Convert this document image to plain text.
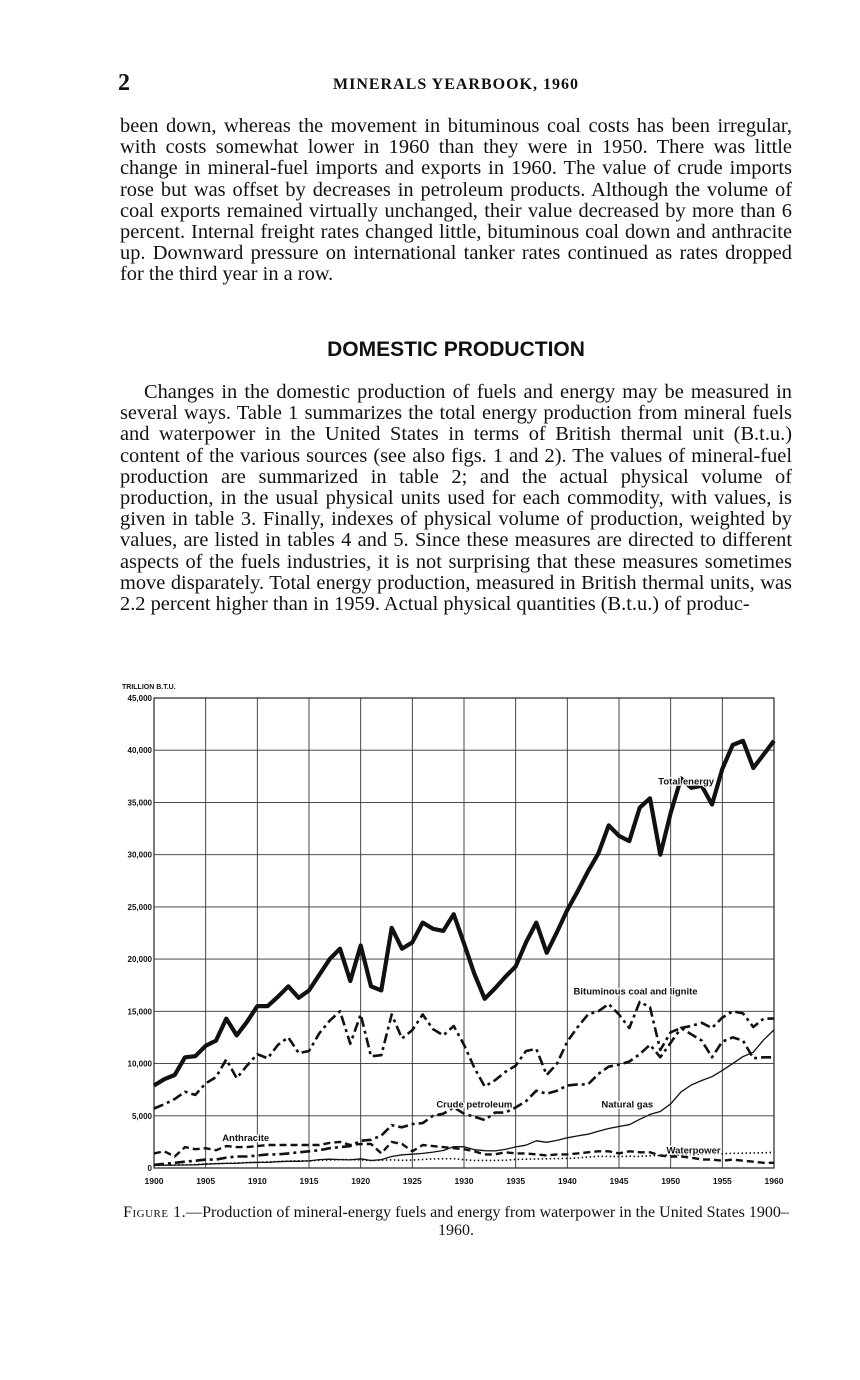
2	MINERALS YEARBOOK, 1960

been down, whereas the movement in bituminous coal costs has been irregular, with costs somewhat lower in 1960 than they were in 1950. There was little change in mineral-fuel imports and exports in 1960. The value of crude imports rose but was offset by decreases in petroleum products. Although the volume of coal exports remained virtually unchanged, their value decreased by more than 6 percent. Internal freight rates changed little, bituminous coal down and anthracite up. Downward pressure on international tanker rates continued as rates dropped for the third year in a row.

DOMESTIC PRODUCTION

Changes in the domestic production of fuels and energy may be measured in several ways. Table 1 summarizes the total energy production from mineral fuels and waterpower in the United States in terms of British thermal unit (B.t.u.) content of the various sources (see also figs. 1 and 2). The values of mineral-fuel production are summarized in table 2; and the actual physical volume of production, in the usual physical units used for each commodity, with values, is given in table 3. Finally, indexes of physical volume of production, weighted by values, are listed in tables 4 and 5. Since these measures are directed to different aspects of the fuels industries, it is not surprising that these measures sometimes move disparately. Total energy production, measured in British thermal units, was 2.2 percent higher than in 1959. Actual physical quantities (B.t.u.) of produc-

1900	1905	1910	1915	1920	1925	1930	1935	1940	1945	1950	1955	1960
0
5,000
10,000
15,000
20,000
25,000
30,000
35,000
40,000
45,000
TRILLION B.T.U.
Total energy
Bituminous coal and lignite
Crude petroleum	Natural gas
Anthracite
Waterpower
Figure 1.—Production of mineral-energy fuels and energy from waterpower in the United States 1900–1960.
